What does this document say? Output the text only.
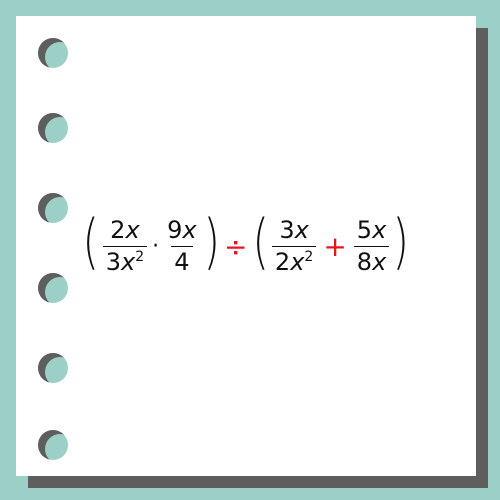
( $\frac{2x}{3x^2} \cdot \frac{9x}{4}$ ) ÷ ( $\frac{3x}{2x^2} + \frac{5x}{8x}$ )
